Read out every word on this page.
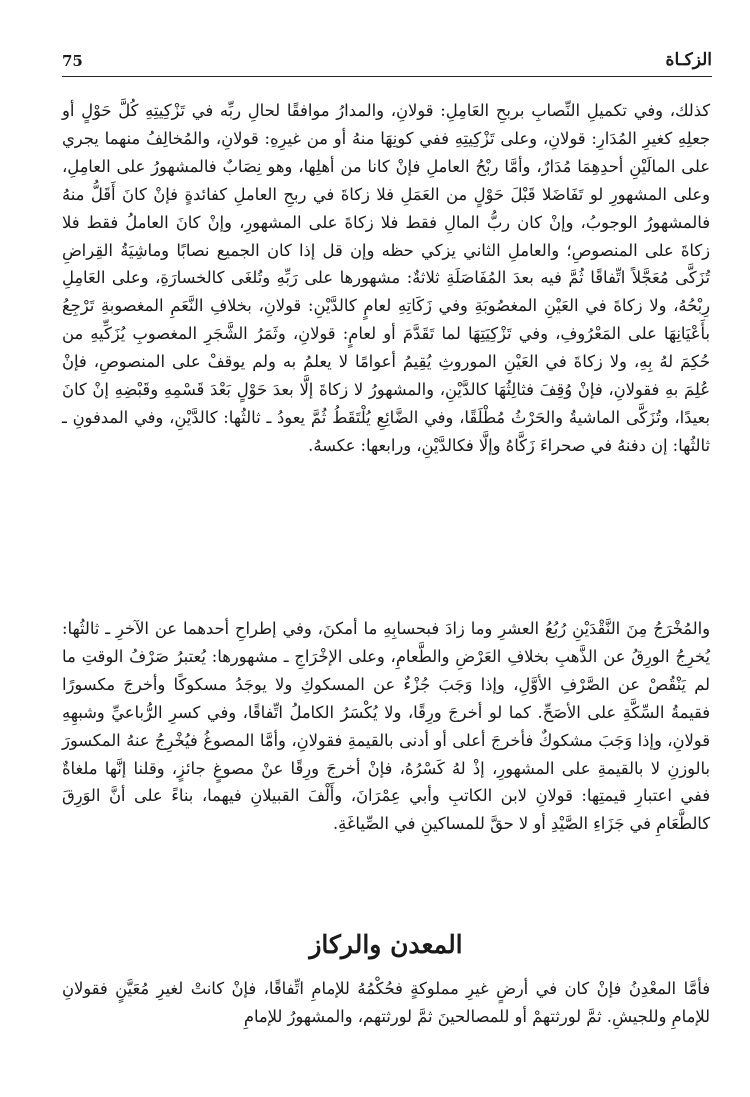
75	الزكـاة

كذلك، وفي تكميلِ النِّصابِ بربحِ العَامِلِ: قولانِ، والمدارُ موافقًا لحالِ ربِّه في تَزْكِيتِهِ كُلَّ حَوْلٍ أو جعلِهِ كغيرِ المُدَارِ: قولانِ، وعلى تَزْكِيتِهِ ففي كونِهَا منهُ أو من غيرِهِ: قولانِ، والمُخالِفُ منهما يجري على المالَيْنِ أحدِهِمَا مُدَارٌ، وأمَّا ربْحُ العاملِ فإنْ كانا من أهلِها، وهو نِصَابٌ فالمشهورُ على العامِلِ، وعلى المشهورِ لو تَفَاضَلا قَبْلَ حَوْلٍ من العَمَلِ فلا زكاةَ في ربحِ العاملِ كفائدةٍ فإنْ كانَ أَقَلُّ منهُ فالمشهورُ الوجوبُ، وإنْ كان ربُّ المالِ فقط فلا زكاةَ على المشهورِ، وإنْ كانَ العاملُ فقط فلا زكاةَ على المنصوصِ؛ والعاملِ الثاني يزكي حظه وإن قل إذا كان الجميع نصابًا وماشِيَةُ القِراضِ تُزَكَّى مُعَجَّلاً اتِّفاقًا ثُمَّ فيه بعدَ المُفَاصَلَةِ ثلاثةٌ: مشهورها على رَبِّهِ وتُلغَى كالخسارَةِ، وعلى العَامِلِ رِبْحُهُ، ولا زكاةَ في العَيْنِ المغصُوبَةِ وفي زَكَاتِهِ لعامٍ كالدَّيْنِ: قولانِ، بخلافِ النَّعَمِ المغصوبةِ تَرْجِعُ بأَعْيَانِهَا على المَعْرُوفِ، وفي تَزْكِيَتِهَا لما تَقَدَّمَ أو لعامٍ: قولانِ، وثَمَرُ الشَّجَرِ المغصوبِ يُزَكِّيهِ من حُكِمَ لهُ بِهِ، ولا زكاةَ في العَيْنِ الموروثِ يُقِيمُ أعوامًا لا يعلمُ به ولم يوقفْ على المنصوصِ، فإنْ عُلِمَ بهِ فقولانِ، فإنْ وُقِفَ فثالِثُهَا كالدَّيْنِ، والمشهورُ لا زكاةَ إلَّا بعدَ حَوْلٍ بَعْدَ قَسْمِهِ وقَبْضِهِ إنْ كانَ بعيدًا، وتُزَكَّى الماشيةُ والحَرْثُ مُطْلَقًا، وفي الضَّائِعِ يُلْتَقَطُ ثُمَّ يعودُ ـ ثالثُها: كالدَّيْنِ، وفي المدفونِ ـ ثالثُها: إن دفنهُ في صحراءَ زَكَّاهُ وإلَّا فكالدَّيْنِ، ورابعها: عكسهُ.

والمُخْرَجُ مِنَ النَّقْدَيْنِ رُبُعُ العشرِ وما زادَ فبحسابِهِ ما أمكنَ، وفي إطراحِ أحدهما عن الآخرِ ـ ثالثُها: يُخرِجُ الورِقُ عن الذَّهبِ بخلافِ العَرْضِ والطَّعامِ، وعلى الإخْرَاجِ ـ مشهورها: يُعتبرُ صَرْفُ الوقتِ ما لم يَنْقُصْ عن الصَّرْفِ الأوَّلِ، وإذا وَجَبَ جُزْءٌ عن المسكوكِ ولا يوجَدُ مسكوكًا وأخرجَ مكسورًا فقيمةُ السِّكَّةِ على الأصَحِّ. كما لو أخرجَ ورِقًا، ولا يُكْسَرُ الكاملُ اتِّفاقًا، وفي كسرِ الرُّباعيِّ وشبهِهِ قولانِ، وإذا وَجَبَ مشكوكٌ فأخرجَ أعلى أو أدنى بالقيمةِ فقولانِ، وأمَّا المصوغُ فيُخْرِجُ عنهُ المكسورَ بالوزنِ لا بالقيمةِ على المشهورِ، إذْ لهُ كَسْرُهُ، فإنْ أخرجَ ورِقًا عنْ مصوغٍ جائزٍ، وقلنا إنَّها ملغاةٌ ففي اعتبارِ قيمتِها: قولانِ لابن الكاتبِ وأبي عِمْرَانَ، وأَلْفَ القبيلانِ فيهما، بناءً على أنَّ الوَرِقَ كالطَّعَامِ في جَزَاءِ الصَّيْدِ أو لا حقَّ للمساكينِ في الصِّياغَةِ.

المعدن والركاز

فأمَّا المعْدِنُ فإنْ كان في أرضٍ غيرِ مملوكةٍ فحُكْمُهُ للإمامِ اتِّفاقًا، فإنْ كانتْ لغيرِ مُعَيَّنٍ فقولانِ للإمامِ وللجيشِ. ثمَّ لورثتهمْ أو للمصالحينَ ثمَّ لورثتهم، والمشهورُ للإمامِ
